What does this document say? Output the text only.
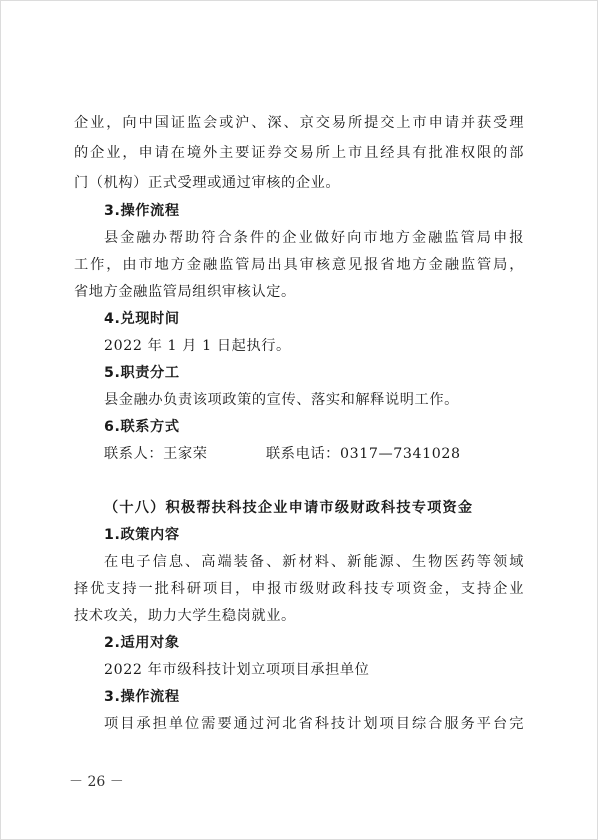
企业，向中国证监会或沪、深、京交易所提交上市申请并获受理
的企业，申请在境外主要证券交易所上市且经具有批准权限的部
门（机构）正式受理或通过审核的企业。
3.操作流程
县金融办帮助符合条件的企业做好向市地方金融监管局申报
工作，由市地方金融监管局出具审核意见报省地方金融监管局，
省地方金融监管局组织审核认定。
4.兑现时间
2022 年 1 月 1 日起执行。
5.职责分工
县金融办负责该项政策的宣传、落实和解释说明工作。
6.联系方式
联系人：王家荣	联系电话：0317—7341028
（十八）积极帮扶科技企业申请市级财政科技专项资金
1.政策内容
在电子信息、高端装备、新材料、新能源、生物医药等领域
择优支持一批科研项目，申报市级财政科技专项资金，支持企业
技术攻关，助力大学生稳岗就业。
2.适用对象
2022 年市级科技计划立项项目承担单位
3.操作流程
项目承担单位需要通过河北省科技计划项目综合服务平台完
－ 26 －
